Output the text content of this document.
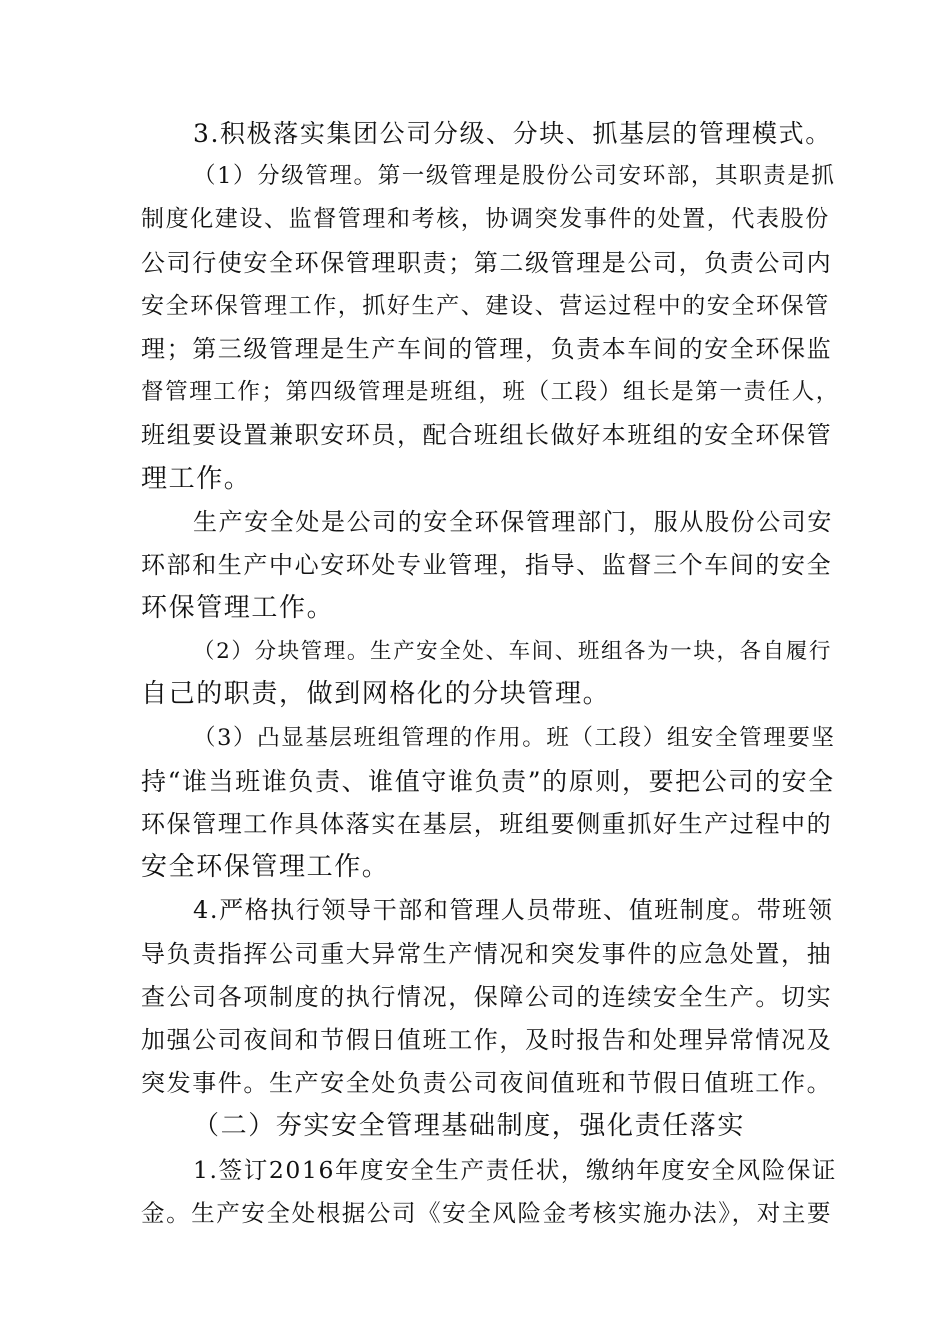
3.积极落实集团公司分级、分块、抓基层的管理模式。
（1）分级管理。第一级管理是股份公司安环部，其职责是抓
制度化建设、监督管理和考核，协调突发事件的处置，代表股份
公司行使安全环保管理职责；第二级管理是公司，负责公司内
安全环保管理工作，抓好生产、建设、营运过程中的安全环保管
理；第三级管理是生产车间的管理，负责本车间的安全环保监
督管理工作；第四级管理是班组，班（工段）组长是第一责任人，
班组要设置兼职安环员，配合班组长做好本班组的安全环保管
理工作。
生产安全处是公司的安全环保管理部门，服从股份公司安
环部和生产中心安环处专业管理，指导、监督三个车间的安全
环保管理工作。
（2）分块管理。生产安全处、车间、班组各为一块，各自履行
自己的职责，做到网格化的分块管理。
（3）凸显基层班组管理的作用。班（工段）组安全管理要坚
持“谁当班谁负责、谁值守谁负责”的原则，要把公司的安全
环保管理工作具体落实在基层，班组要侧重抓好生产过程中的
安全环保管理工作。
4.严格执行领导干部和管理人员带班、值班制度。带班领
导负责指挥公司重大异常生产情况和突发事件的应急处置，抽
查公司各项制度的执行情况，保障公司的连续安全生产。切实
加强公司夜间和节假日值班工作，及时报告和处理异常情况及
突发事件。生产安全处负责公司夜间值班和节假日值班工作。
（二）夯实安全管理基础制度，强化责任落实
1.签订2016年度安全生产责任状，缴纳年度安全风险保证
金。生产安全处根据公司《安全风险金考核实施办法》，对主要
